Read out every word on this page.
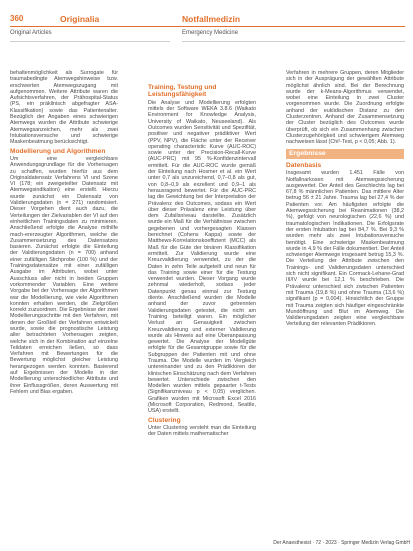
360	Originalia	Notfallmedizin
Original Articles	Emergency Medicine

behaltenmöglichkeit als Surrogate für traumabedingte Atemwegshinweise bzw. erschwerten Atemwegszugang mit aufgenommen. Weitere Attribute waren die Aufsichtsverfahren, der Prähospital-Status (PS, ein präklinisch abgefragter ASA-Klassifikation) sowie das Patientenalter. Bezüglich der Angaben eines schwierigen Atemwegs wurden die Attribute schwierige Atemwegsanzeichen, mehr als zwei Intubationsversuche und schwierige Maskenbeatmung berücksichtigt.

Modellierung und Algorithmen

Um eine vergleichbare Anwendungsgrundlage für die Vorhersagen zu schaffen, wurden hierfür aus dem Originaldatensatz Verfahrens VI und Szene VI (178; ein zweigeteilter Datensatz mit Atemwegsindikation) eine erstellt. Hierzu wurde zunächst ein Datensatz von Validierungsdaten (n = 271) randomisiert. Dieser Vorgehen dient auch dazu, die Verteilungen der Zielvariablen der VI auf den einheitlichen Trainingsdaten zu minimieren. Anschließend erfolgte die Analyse mithilfe mach-ererzeugter Algorithmen, welche die Zusammensetzung des Datensatzes basieren. Zunächst erfolgte die Einteilung der Validierungsdaten (n = 700) anhand einer zufälligen Stichprobe (100 %) und der Trainingsdatensätze mit einer zufälligen Ausgabe im Attributen, wobei unter Ausschluss aller nicht in beiden Gruppen vorkommender Variablen. Eine weitere Vorgabe bei der Vorhersage der Algorithmen war die Modellierung, wie viele Algorithmen konnten erhalten werden, die Zielgrößen korrekt zuzuordnen. Die Ergebnisse der zwei Modellierungsschritte mit den Verfahren, mit denen der Großteil der Verfahren entwickelt wurde, sowie die prognostische Leistung aller betrachteten Vorhersagen zeigten, welche sich in der Kombination auf einzelne Teildaten erreichen ließen, so dass Verfahren mit Bewertungen für die Bewertung möglichst gleicher Leistung herangezogen werden konnten. Basierend auf Ergebnissen der Modelle in der Modellierung unterschiedlicher Attribute und ihrer Einflussgrößen, deren Auswertung mit Fehlern und Bias ergaben.

Training, Testung und Leistungsfähigkeit

Die Analyse und Modellierung erfolgten mittels der Software WEKA 3.8.6 (Waikato Environment for Knowledge Analysis, University of Waikato, Neuseeland). Als Outcomes wurden Sensitivität und Spezifität, positiver und negativer prädiktiver Wert (PPV, NPV), die Fläche unter der Receiver operating characteristic Kurve (AUC-ROC) sowie unter der Precision-Recall-Kurve (AUC-PRC) mit 95 %-Konfidenzintervall ermittelt. Für die AUC-ROC wurde gemäß der Einteilung nach Hosmer et al. ein Wert unter 0,7 als unzureichend, 0,7–0,8 als gut, von 0,8–0,9 als exzellent und 0,9–1 als herausragend bewertet. Für die AUC-PRC lag die Gewichtung bei der Interpretation der Prävalenz des Outcomes, sodass ein Wert über dieser Prävalenz eine Leistung über dem Zufallsniveau darstellte. Zusätzlich wurde ein Maß für die Verhältnisse zwischen gegebenen und vorhergesagten Klassen berechnet (Cohens Kappa) sowie der Matthews-Korrelationskoeffizient (MCC) als Maß für die Güte der binären Klassifikation ermittelt. Zur Validierung wurde eine Kreuzvalidierung verwendet, zu der die Daten in zehn Teile aufgeteilt und neun für das Training sowie einer für die Testung verwendet wurden. Dieser Vorgang wurde zehnmal wiederholt, sodass jeder Datenpunkt genau einmal zur Testung diente. Anschließend wurden die Modelle anhand der zuvor getrennten Validierungsdaten getestet, die nicht am Training beteiligt waren. Ein möglicher Verlust an Genauigkeit zwischen Kreuzvalidierung und externer Validierung wurde als Hinweis auf eine Überanpassung gewertet. Die Analyse der Modellgüte erfolgte für die Gesamtgruppe sowie für die Subgruppen der Patienten mit und ohne Trauma. Die Modelle wurden im Vergleich untereinander und zu den Prädiktoren der klinischen Einschätzung nach dem Verfahren bewertet. Unterschiede zwischen den Modellen wurden mittels gepaarter t-Tests (Signifikanzniveau p < 0,05) verglichen. Grafiken wurden mit Microsoft Excel 2016 (Microsoft Corporation, Redmond, Seattle, USA) erstellt.

Clustering

Unter Clustering versteht man die Einteilung der Daten mittels mathematischer

Verfahren in mehrere Gruppen, deren Mitglieder sich in der Ausprägung der gewählten Attribute möglichst ähnlich sind. Bei der Berechnung wurde der k-Means-Algorithmus verwendet, wobei eine Einteilung in zwei Cluster vorgenommen wurde. Die Zuordnung erfolgte anhand der euklidischen Distanz zu den Clusterzentren. Anhand der Zusammensetzung der Cluster bezüglich des Outcomes wurde überprüft, ob sich ein Zusammenhang zwischen Clusterzugehörigkeit und schwierigem Atemweg nachweisen lässt (Chi²-Test, p < 0,05; Abb. 1).

Ergebnisse
Datenbasis

Insgesamt wurden 1.451 Fälle von Notfallnarkosen mit Atemwegssicherung ausgewertet. Der Anteil des Geschlechts lag bei 67,8 % männlichen Patienten. Das mittlere Alter betrug 56 ± 21 Jahre. Trauma lag bei 27,4 % der Patienten vor. Am häufigsten erfolgte die Atemwegssicherung bei Reanimationen (38,2 %), gefolgt von neurologischen (22,6 %) und traumatologischen Indikationen. Die Erfolgsrate der ersten Intubation lag bei 84,7 %. Bei 9,3 % wurden mehr als zwei Intubationsversuche benötigt. Eine schwierige Maskenbeatmung wurde in 4,9 % der Fälle dokumentiert. Der Anteil schwieriger Atemwege insgesamt betrug 15,3 %. Die Verteilung der Attribute zwischen den Trainings- und Validierungsdaten unterschied sich nicht signifikant. Ein Cormack-Lehane-Grad III/IV wurde bei 12,1 % beschrieben. Die Prävalenz unterschied sich zwischen Patienten mit Trauma (19,8 %) und ohne Trauma (13,6 %) signifikant (p = 0,004). Hinsichtlich der Gruppe mit Trauma zeigten sich häufiger eingeschränkte Mundöffnung und Blut im Atemweg. Die Validierungsdaten zeigten eine vergleichbare Verteilung der relevanten Prädiktoren.

Der Anaesthesist · 72 · 2023 · Springer Medizin Verlag GmbH
